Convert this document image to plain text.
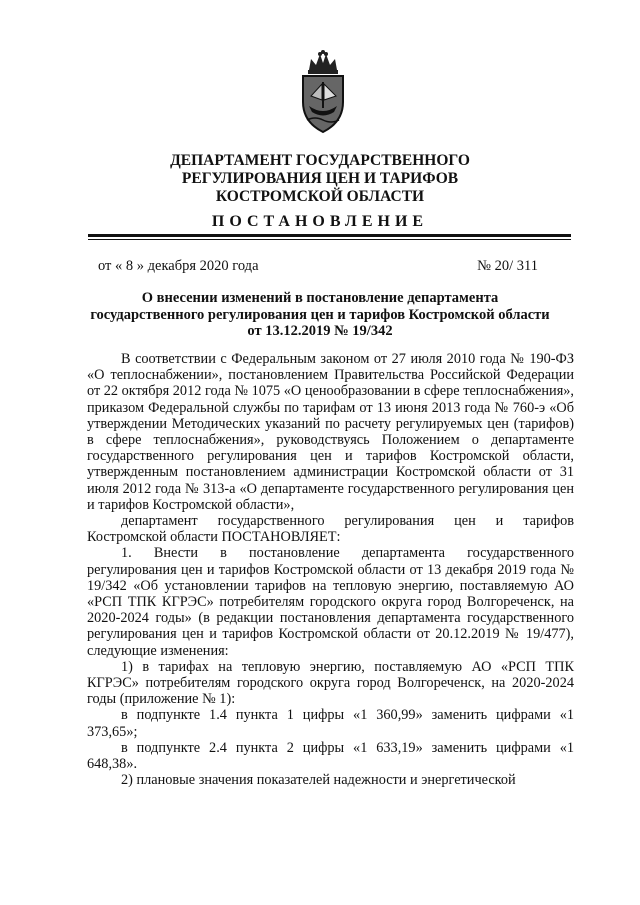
ДЕПАРТАМЕНТ ГОСУДАРСТВЕННОГО
РЕГУЛИРОВАНИЯ ЦЕН И ТАРИФОВ
КОСТРОМСКОЙ ОБЛАСТИ
ПОСТАНОВЛЕНИЕ
от « 8 » декабря 2020 года	№ 20/ 311
О внесении изменений в постановление департамента
государственного регулирования цен и тарифов Костромской области
от 13.12.2019 № 19/342

В соответствии с Федеральным законом от 27 июля 2010 года № 190-ФЗ «О теплоснабжении», постановлением Правительства Российской Федерации от 22 октября 2012 года № 1075 «О ценообразовании в сфере теплоснабжения», приказом Федеральной службы по тарифам от 13 июня 2013 года № 760-э «Об утверждении Методических указаний по расчету регулируемых цен (тарифов) в сфере теплоснабжения», руководствуясь Положением о департаменте государственного регулирования цен и тарифов Костромской области, утвержденным постановлением администрации Костромской области от 31 июля 2012 года № 313-а «О департаменте государственного регулирования цен и тарифов Костромской области»,

департамент государственного регулирования цен и тарифов Костромской области ПОСТАНОВЛЯЕТ:

1. Внести в постановление департамента государственного регулирования цен и тарифов Костромской области от 13 декабря 2019 года № 19/342 «Об установлении тарифов на тепловую энергию, поставляемую АО «РСП ТПК КГРЭС» потребителям городского округа город Волгореченск, на 2020-2024 годы» (в редакции постановления департамента государственного регулирования цен и тарифов Костромской области от 20.12.2019 № 19/477), следующие изменения:

1) в тарифах на тепловую энергию, поставляемую АО «РСП ТПК КГРЭС» потребителям городского округа город Волгореченск, на 2020-2024 годы (приложение № 1):

в подпункте 1.4 пункта 1 цифры «1 360,99» заменить цифрами «1 373,65»;

в подпункте 2.4 пункта 2 цифры «1 633,19» заменить цифрами «1 648,38».

2) плановые значения показателей надежности и энергетической
